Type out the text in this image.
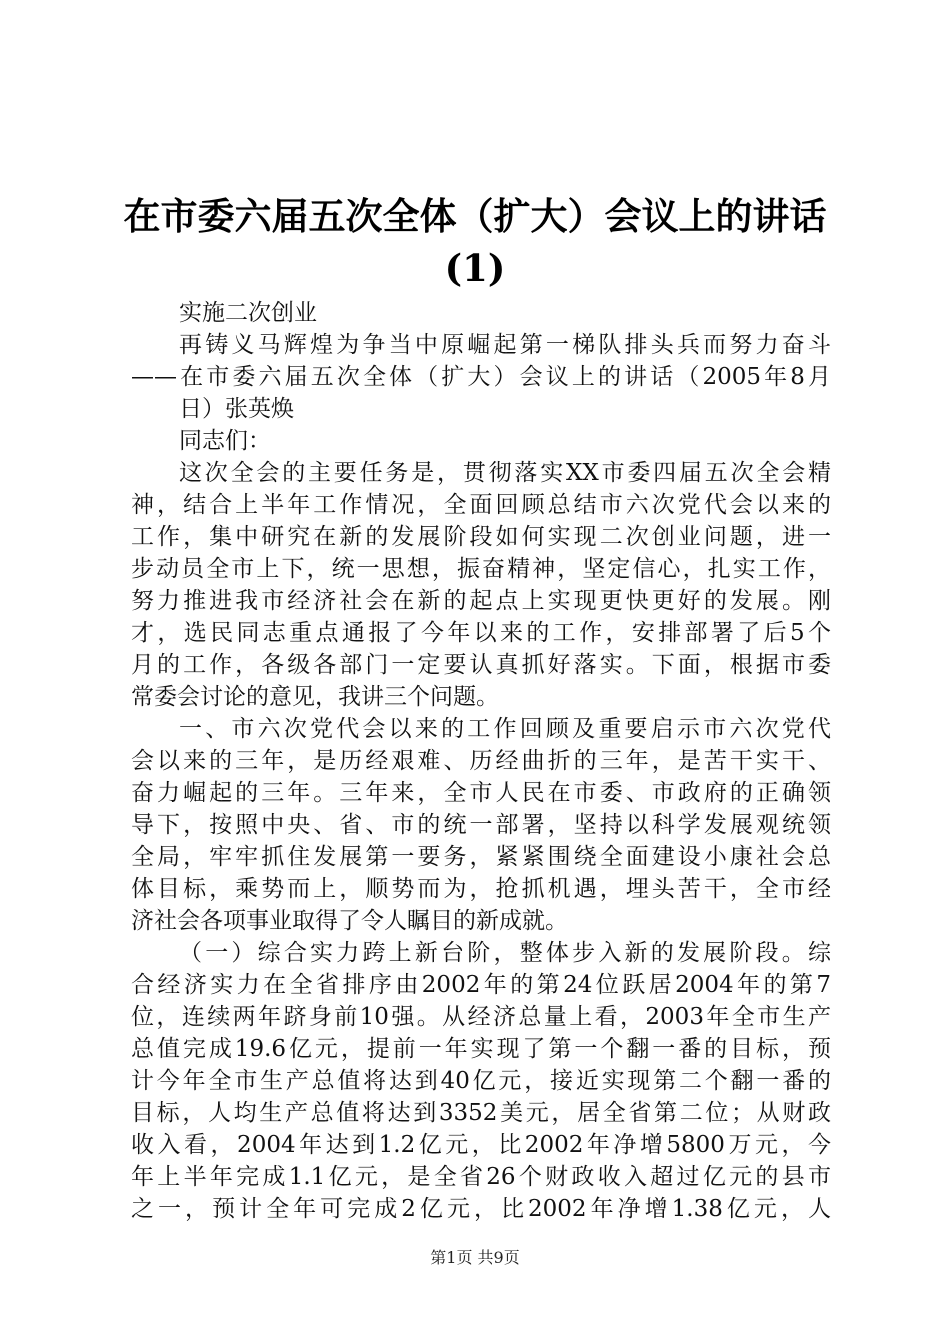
在市委六届五次全体（扩大）会议上的讲话
(1)
实施二次创业
再铸义马辉煌为争当中原崛起第一梯队排头兵而努力奋斗
——在市委六届五次全体（扩大）会议上的讲话（2005年8月
日）张英焕
同志们：
这次全会的主要任务是，贯彻落实XX市委四届五次全会精
神，结合上半年工作情况，全面回顾总结市六次党代会以来的
工作，集中研究在新的发展阶段如何实现二次创业问题，进一
步动员全市上下，统一思想，振奋精神，坚定信心，扎实工作，
努力推进我市经济社会在新的起点上实现更快更好的发展。刚
才，选民同志重点通报了今年以来的工作，安排部署了后5个
月的工作，各级各部门一定要认真抓好落实。下面，根据市委
常委会讨论的意见，我讲三个问题。
一、市六次党代会以来的工作回顾及重要启示市六次党代
会以来的三年，是历经艰难、历经曲折的三年，是苦干实干、
奋力崛起的三年。三年来，全市人民在市委、市政府的正确领
导下，按照中央、省、市的统一部署，坚持以科学发展观统领
全局，牢牢抓住发展第一要务，紧紧围绕全面建设小康社会总
体目标，乘势而上，顺势而为，抢抓机遇，埋头苦干，全市经
济社会各项事业取得了令人瞩目的新成就。
（一）综合实力跨上新台阶，整体步入新的发展阶段。综
合经济实力在全省排序由2002年的第24位跃居2004年的第7
位，连续两年跻身前10强。从经济总量上看，2003年全市生产
总值完成19.6亿元，提前一年实现了第一个翻一番的目标，预
计今年全市生产总值将达到40亿元，接近实现第二个翻一番的
目标，人均生产总值将达到3352美元，居全省第二位；从财政
收入看，2004年达到1.2亿元，比2002年净增5800万元，今
年上半年完成1.1亿元，是全省26个财政收入超过亿元的县市
之一，预计全年可完成2亿元，比2002年净增1.38亿元，人
第1页 共9页
